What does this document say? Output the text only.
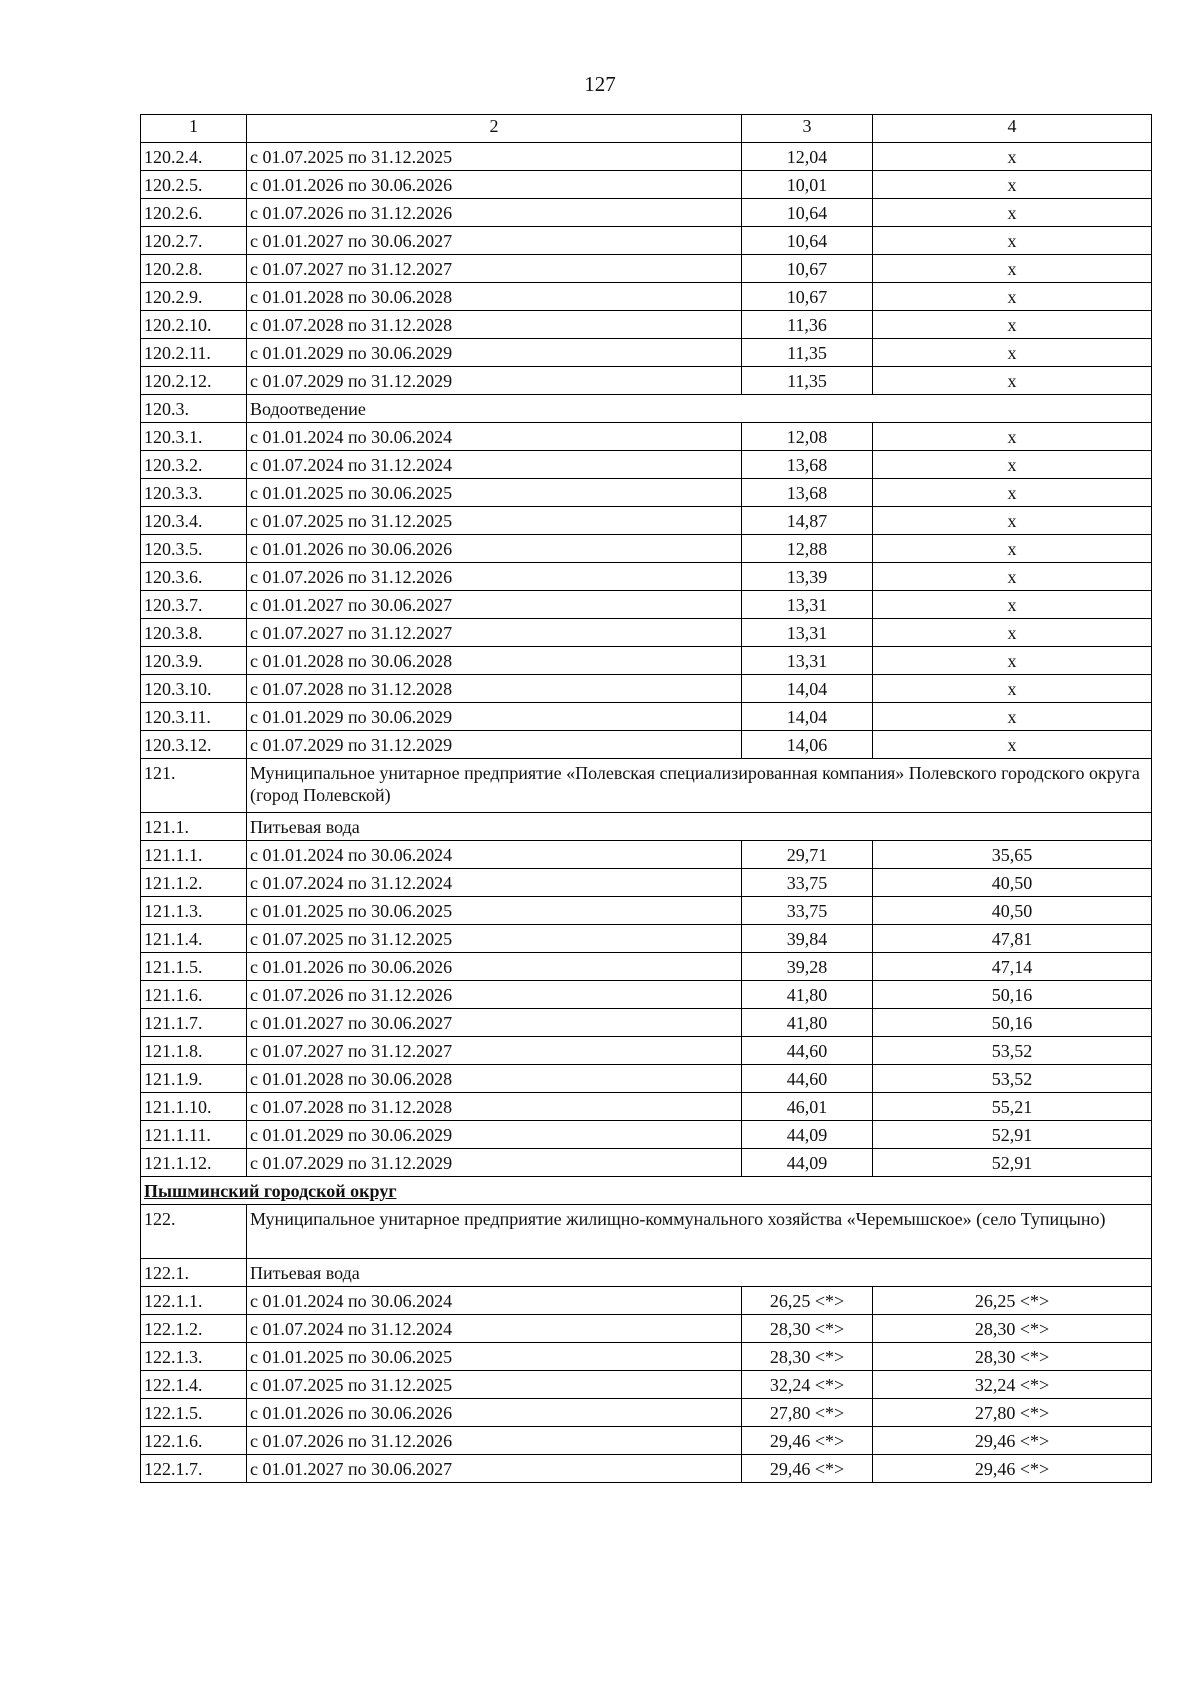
127
1	2	3	4
120.2.4.	с 01.07.2025 по 31.12.2025	12,04	x
120.2.5.	с 01.01.2026 по 30.06.2026	10,01	x
120.2.6.	с 01.07.2026 по 31.12.2026	10,64	x
120.2.7.	с 01.01.2027 по 30.06.2027	10,64	x
120.2.8.	с 01.07.2027 по 31.12.2027	10,67	x
120.2.9.	с 01.01.2028 по 30.06.2028	10,67	x
120.2.10.	с 01.07.2028 по 31.12.2028	11,36	x
120.2.11.	с 01.01.2029 по 30.06.2029	11,35	x
120.2.12.	с 01.07.2029 по 31.12.2029	11,35	x
120.3.	Водоотведение		
120.3.1.	с 01.01.2024 по 30.06.2024	12,08	x
120.3.2.	с 01.07.2024 по 31.12.2024	13,68	x
120.3.3.	с 01.01.2025 по 30.06.2025	13,68	x
120.3.4.	с 01.07.2025 по 31.12.2025	14,87	x
120.3.5.	с 01.01.2026 по 30.06.2026	12,88	x
120.3.6.	с 01.07.2026 по 31.12.2026	13,39	x
120.3.7.	с 01.01.2027 по 30.06.2027	13,31	x
120.3.8.	с 01.07.2027 по 31.12.2027	13,31	x
120.3.9.	с 01.01.2028 по 30.06.2028	13,31	x
120.3.10.	с 01.07.2028 по 31.12.2028	14,04	x
120.3.11.	с 01.01.2029 по 30.06.2029	14,04	x
120.3.12.	с 01.07.2029 по 31.12.2029	14,06	x
121.	Муниципальное унитарное предприятие «Полевская специализированная компания» Полевского городского округа (город Полевской)		
121.1.	Питьевая вода		
121.1.1.	с 01.01.2024 по 30.06.2024	29,71	35,65
121.1.2.	с 01.07.2024 по 31.12.2024	33,75	40,50
121.1.3.	с 01.01.2025 по 30.06.2025	33,75	40,50
121.1.4.	с 01.07.2025 по 31.12.2025	39,84	47,81
121.1.5.	с 01.01.2026 по 30.06.2026	39,28	47,14
121.1.6.	с 01.07.2026 по 31.12.2026	41,80	50,16
121.1.7.	с 01.01.2027 по 30.06.2027	41,80	50,16
121.1.8.	с 01.07.2027 по 31.12.2027	44,60	53,52
121.1.9.	с 01.01.2028 по 30.06.2028	44,60	53,52
121.1.10.	с 01.07.2028 по 31.12.2028	46,01	55,21
121.1.11.	с 01.01.2029 по 30.06.2029	44,09	52,91
121.1.12.	с 01.07.2029 по 31.12.2029	44,09	52,91
Пышминский городской округ			
122.	Муниципальное унитарное предприятие жилищно-коммунального хозяйства «Черемышское» (село Тупицыно)		
122.1.	Питьевая вода		
122.1.1.	с 01.01.2024 по 30.06.2024	26,25 <*>	26,25 <*>
122.1.2.	с 01.07.2024 по 31.12.2024	28,30 <*>	28,30 <*>
122.1.3.	с 01.01.2025 по 30.06.2025	28,30 <*>	28,30 <*>
122.1.4.	с 01.07.2025 по 31.12.2025	32,24 <*>	32,24 <*>
122.1.5.	с 01.01.2026 по 30.06.2026	27,80 <*>	27,80 <*>
122.1.6.	с 01.07.2026 по 31.12.2026	29,46 <*>	29,46 <*>
122.1.7.	с 01.01.2027 по 30.06.2027	29,46 <*>	29,46 <*>
